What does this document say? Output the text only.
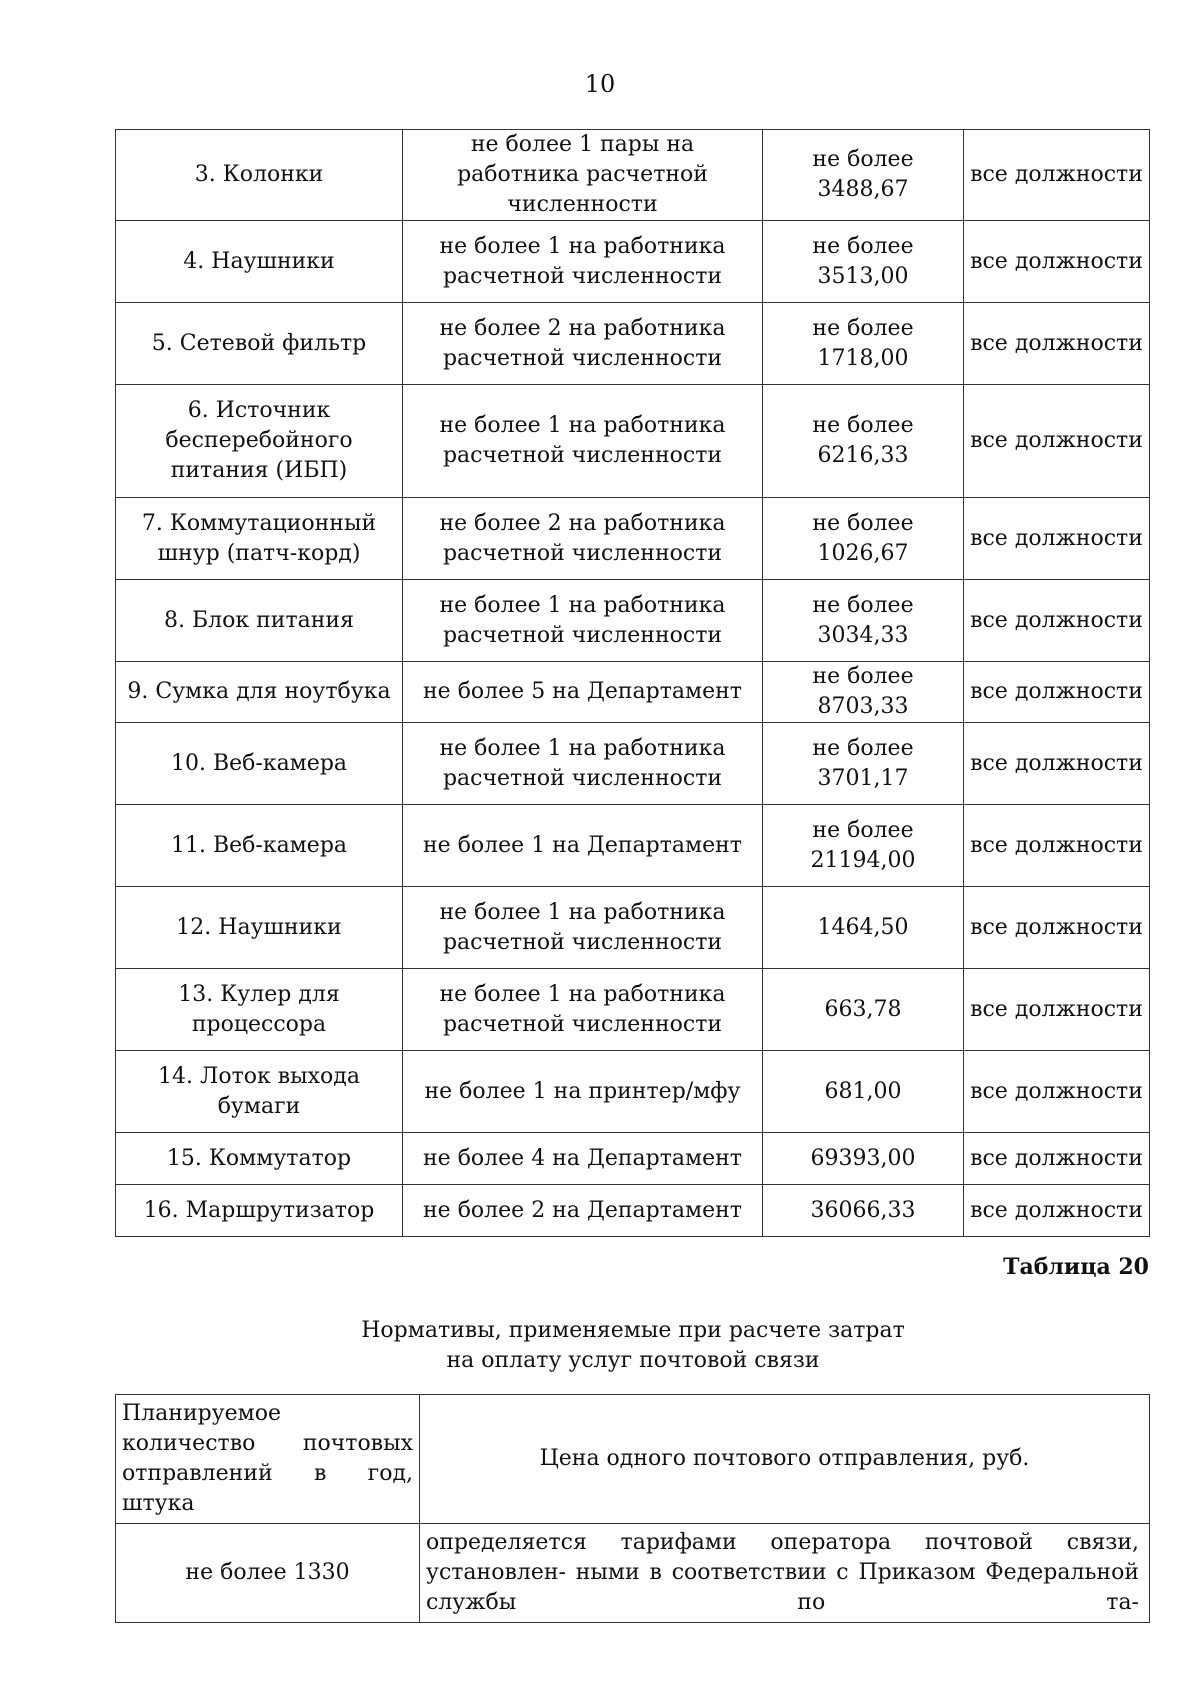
10
3. Колонки	не более 1 пары на работника расчетной численности	не более 3488,67	все должности
4. Наушники	не более 1 на работника расчетной численности	не более 3513,00	все должности
5. Сетевой фильтр	не более 2 на работника расчетной численности	не более 1718,00	все должности
6. Источник бесперебойного питания (ИБП)	не более 1 на работника расчетной численности	не более 6216,33	все должности
7. Коммутационный шнур (патч-корд)	не более 2 на работника расчетной численности	не более 1026,67	все должности
8. Блок питания	не более 1 на работника расчетной численности	не более 3034,33	все должности
9. Сумка для ноутбука	не более 5 на Департамент	не более 8703,33	все должности
10. Веб-камера	не более 1 на работника расчетной численности	не более 3701,17	все должности
11. Веб-камера	не более 1 на Департамент	не более 21194,00	все должности
12. Наушники	не более 1 на работника расчетной численности	1464,50	все должности
13. Кулер для процессора	не более 1 на работника расчетной численности	663,78	все должности
14. Лоток выхода бумаги	не более 1 на принтер/мфу	681,00	все должности
15. Коммутатор	не более 4 на Департамент	69393,00	все должности
16. Маршрутизатор	не более 2 на Департамент	36066,33	все должности
Таблица 20
Нормативы, применяемые при расчете затрат
на оплату услуг почтовой связи
Планируемое количество почтовых отправлений в год, штука	Цена одного почтового отправления, руб.
не более 1330	определяется тарифами оператора почтовой связи, установлен- ными в соответствии с Приказом Федеральной службы по та-
